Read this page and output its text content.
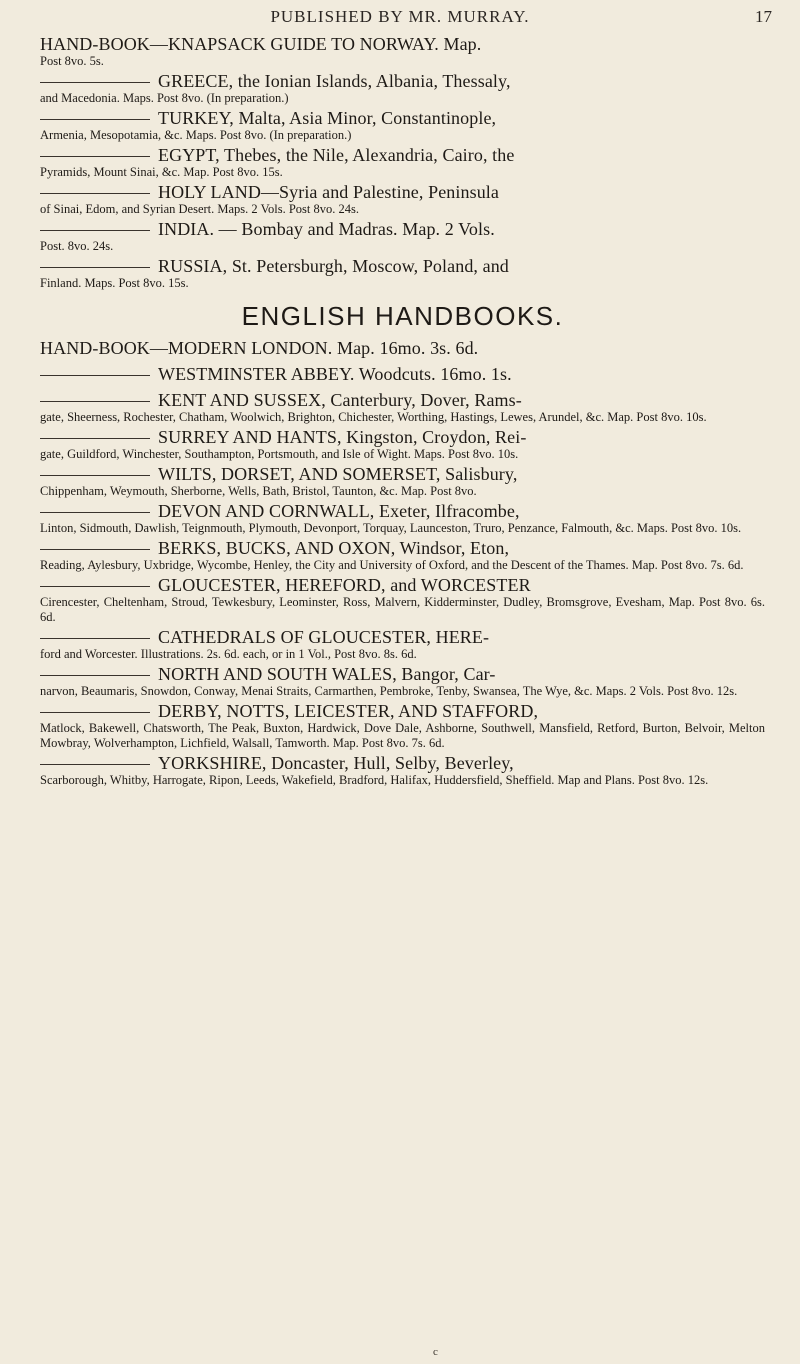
PUBLISHED BY MR. MURRAY.	17
HAND-BOOK—KNAPSACK GUIDE TO NORWAY. Map.
Post 8vo. 5s.
GREECE, the Ionian Islands, Albania, Thessaly,
and Macedonia. Maps. Post 8vo. (In preparation.)
TURKEY, Malta, Asia Minor, Constantinople,
Armenia, Mesopotamia, &c. Maps. Post 8vo. (In preparation.)
EGYPT, Thebes, the Nile, Alexandria, Cairo, the
Pyramids, Mount Sinai, &c. Map. Post 8vo. 15s.
HOLY LAND—Syria and Palestine, Peninsula
of Sinai, Edom, and Syrian Desert. Maps. 2 Vols. Post 8vo. 24s.
INDIA. — Bombay and Madras. Map. 2 Vols.
Post. 8vo. 24s.
RUSSIA, St. Petersburgh, Moscow, Poland, and
Finland. Maps. Post 8vo. 15s.
ENGLISH HANDBOOKS.
HAND-BOOK—MODERN LONDON. Map. 16mo. 3s. 6d.
WESTMINSTER ABBEY. Woodcuts. 16mo. 1s.
KENT AND SUSSEX, Canterbury, Dover, Rams-
gate, Sheerness, Rochester, Chatham, Woolwich, Brighton, Chichester, Worthing, Hastings, Lewes, Arundel, &c. Map. Post 8vo. 10s.
SURREY AND HANTS, Kingston, Croydon, Rei-
gate, Guildford, Winchester, Southampton, Portsmouth, and Isle of Wight. Maps. Post 8vo. 10s.
WILTS, DORSET, AND SOMERSET, Salisbury,
Chippenham, Weymouth, Sherborne, Wells, Bath, Bristol, Taunton, &c. Map. Post 8vo.
DEVON AND CORNWALL, Exeter, Ilfracombe,
Linton, Sidmouth, Dawlish, Teignmouth, Plymouth, Devonport, Torquay, Launceston, Truro, Penzance, Falmouth, &c. Maps. Post 8vo. 10s.
BERKS, BUCKS, AND OXON, Windsor, Eton,
Reading, Aylesbury, Uxbridge, Wycombe, Henley, the City and University of Oxford, and the Descent of the Thames. Map. Post 8vo. 7s. 6d.
GLOUCESTER, HEREFORD, and WORCESTER
Cirencester, Cheltenham, Stroud, Tewkesbury, Leominster, Ross, Malvern, Kidderminster, Dudley, Bromsgrove, Evesham, Map. Post 8vo. 6s. 6d.
CATHEDRALS OF GLOUCESTER, HERE-
ford and Worcester. Illustrations. 2s. 6d. each, or in 1 Vol., Post 8vo. 8s. 6d.
NORTH AND SOUTH WALES, Bangor, Car-
narvon, Beaumaris, Snowdon, Conway, Menai Straits, Carmarthen, Pembroke, Tenby, Swansea, The Wye, &c. Maps. 2 Vols. Post 8vo. 12s.
DERBY, NOTTS, LEICESTER, AND STAFFORD,
Matlock, Bakewell, Chatsworth, The Peak, Buxton, Hardwick, Dove Dale, Ashborne, Southwell, Mansfield, Retford, Burton, Belvoir, Melton Mowbray, Wolverhampton, Lichfield, Walsall, Tamworth. Map. Post 8vo. 7s. 6d.
YORKSHIRE, Doncaster, Hull, Selby, Beverley,
Scarborough, Whitby, Harrogate, Ripon, Leeds, Wakefield, Bradford, Halifax, Huddersfield, Sheffield. Map and Plans. Post 8vo. 12s.
c
